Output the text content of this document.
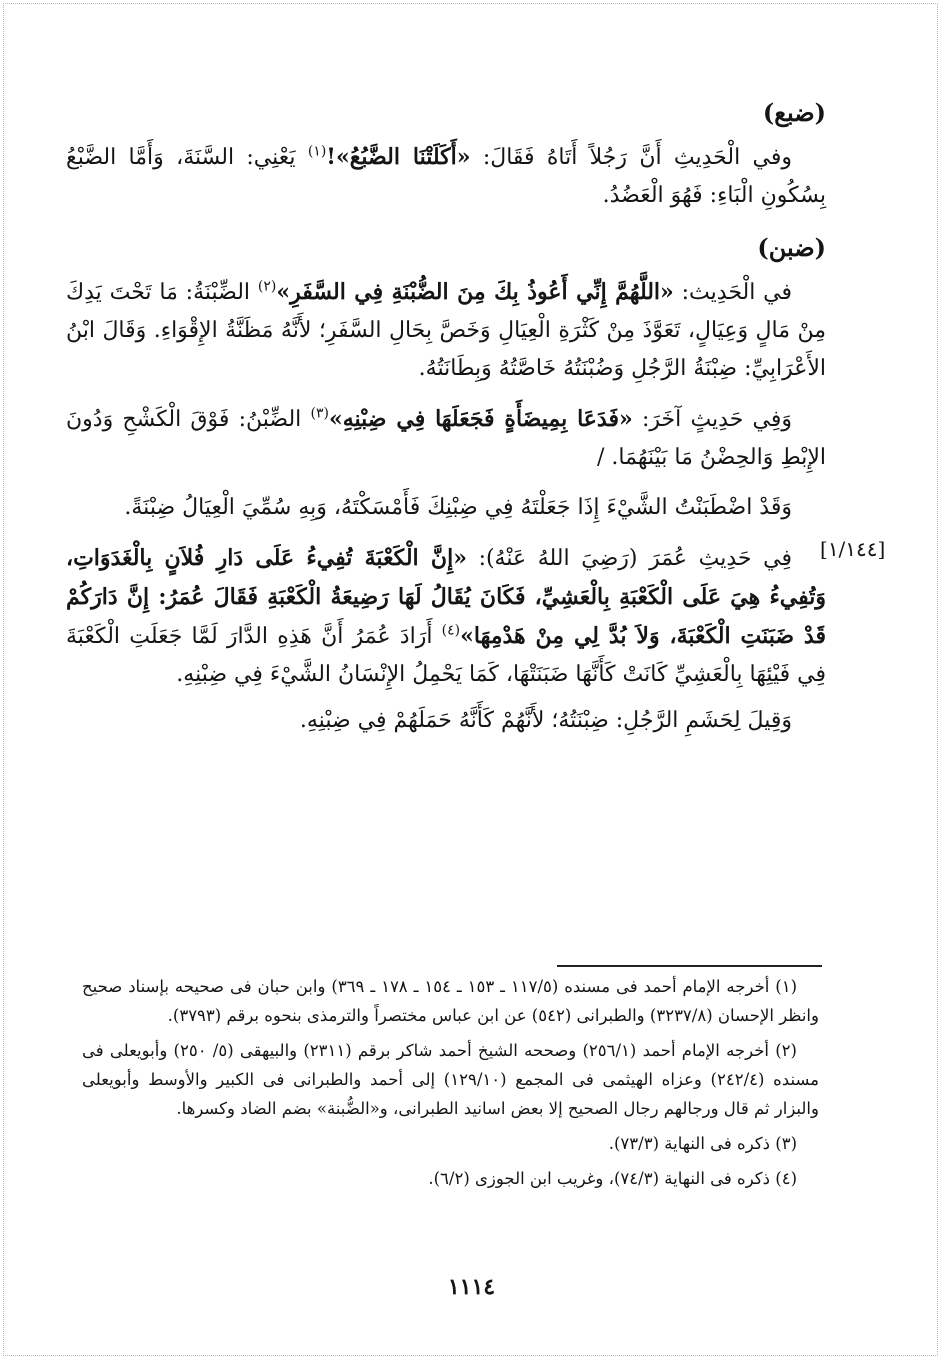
(ضبع)

وفي الْحَدِيثِ أَنَّ رَجُلاً أَتَاهُ فَقَالَ: «أَكَلَتْنَا الضَّبُعُ»!$^{(١)}$ يَعْنِي: السَّنَةَ، وَأَمَّا الضَّبْعُ بِسُكُونِ الْبَاءِ: فَهُوَ الْعَضُدُ.

(ضبن)

في الْحَدِيث: «اللَّهُمَّ إِنِّي أَعُوذُ بِكَ مِنَ الضُّبْنَةِ فِي السَّفَرِ»$^{(٢)}$ الضِّبْنَةُ: مَا تَحْتَ يَدِكَ مِنْ مَالٍ وَعِيَالٍ، تَعَوَّذَ مِنْ كَثْرَةِ الْعِيَالِ وَخَصَّ بِحَالِ السَّفَرِ؛ لأَنَّهُ مَظَنَّةُ الإِقْوَاءِ. وَقَالَ ابْنُ الأَعْرَابِيِّ: ضِبْنَةُ الرَّجُلِ وَضُبْنَتُهُ خَاصَّتُهُ وَبِطَانَتُهُ.

وَفِي حَدِيثٍ آخَرَ: «فَدَعَا بِمِيضَأَةٍ فَجَعَلَهَا فِي ضِبْنِهِ»$^{(٣)}$ الضِّبْنُ: فَوْقَ الْكَشْحِ وَدُونَ الإِبْطِ وَالحِضْنُ مَا بَيْنَهُمَا. /

وَقَدْ اضْطَبَنْتُ الشَّيْءَ إِذَا جَعَلْتَهُ فِي ضِبْنِكَ فَأَمْسَكْتَهُ، وَبِهِ سُمِّيَ الْعِيَالُ ضِبْنَةً.

فِي حَدِيثِ عُمَرَ (رَضِيَ اللهُ عَنْهُ): «إِنَّ الْكَعْبَةَ تُفِيءُ عَلَى دَارِ فُلاَنٍ بِالْغَدَوَاتِ، وَتُفِيءُ هِيَ عَلَى الْكَعْبَةِ بِالْعَشِيِّ، فَكَانَ يُقَالُ لَهَا رَضِيعَةُ الْكَعْبَةِ فَقَالَ عُمَرُ: إِنَّ دَارَكُمْ قَدْ ضَبَنَتِ الْكَعْبَةَ، وَلاَ بُدَّ لِي مِنْ هَدْمِهَا»$^{(٤)}$ أَرَادَ عُمَرُ أَنَّ هَذِهِ الدَّارَ لَمَّا جَعَلَتِ الْكَعْبَةَ فِي فَيْئِهَا بِالْعَشِيِّ كَانَتْ كَأَنَّهَا ضَبَنَتْهَا، كَمَا يَحْمِلُ الإِنْسَانُ الشَّيْءَ فِي ضِبْنِهِ.

وَقِيلَ لِحَشَمِ الرَّجُلِ: ضِبْنَتُهُ؛ لأَنَّهُمْ كَأَنَّهُ حَمَلَهُمْ فِي ضِبْنِهِ.

[١/١٤٤]

(١) أخرجه الإمام أحمد فى مسنده (١١٧/٥ ـ ١٥٣ ـ ١٥٤ ـ ١٧٨ ـ ٣٦٩) وابن حبان فى صحيحه بإسناد صحيح وانظر الإحسان (٣٢٣٧/٨) والطبرانى (٥٤٢) عن ابن عباس مختصراً والترمذى بنحوه برقم (٣٧٩٣).

(٢) أخرجه الإمام أحمد (٢٥٦/١) وصححه الشيخ أحمد شاكر برقم (٢٣١١) والبيهقى (٥/ ٢٥٠) وأبويعلى فى مسنده (٢٤٢/٤) وعزاه الهيثمى فى المجمع (١٢٩/١٠) إلى أحمد والطبرانى فى الكبير والأوسط وأبويعلى والبزار ثم قال ورجالهم رجال الصحيح إلا بعض اسانيد الطبرانى، و«الضُّبنة» بضم الضاد وكسرها.

(٣) ذكره فى النهاية (٧٣/٣).

(٤) ذكره فى النهاية (٧٤/٣)، وغريب ابن الجوزى (٦/٢).

١١١٤
